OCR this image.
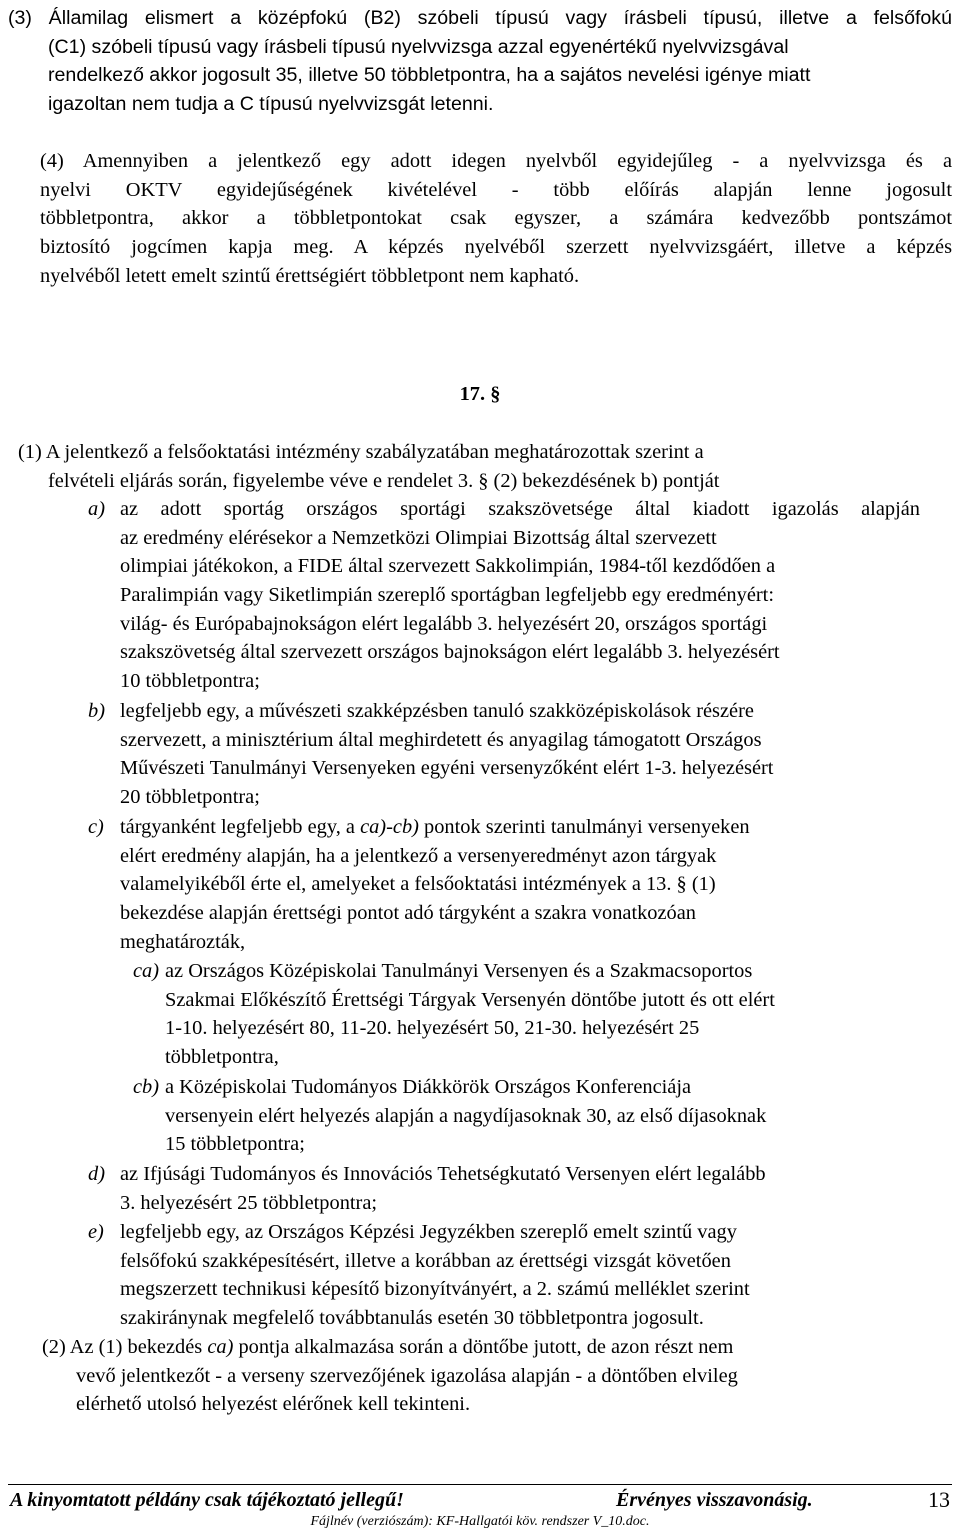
(3) Államilag elismert a középfokú (B2) szóbeli típusú vagy írásbeli típusú, illetve a felsőfokú
(C1) szóbeli típusú vagy írásbeli típusú nyelvvizsga azzal egyenértékű nyelvvizsgával
rendelkező akkor jogosult 35, illetve 50 többletpontra, ha a sajátos nevelési igénye miatt
igazoltan nem tudja a C típusú nyelvvizsgát letenni.
(4) Amennyiben a jelentkező egy adott idegen nyelvből egyidejűleg - a nyelvvizsga és a
nyelvi OKTV egyidejűségének kivételével - több előírás alapján lenne jogosult
többletpontra, akkor a többletpontokat csak egyszer, a számára kedvezőbb pontszámot
biztosító jogcímen kapja meg. A képzés nyelvéből szerzett nyelvvizsgáért, illetve a képzés
nyelvéből letett emelt szintű érettségiért többletpont nem kapható.
17. §
(1) A jelentkező a felsőoktatási intézmény szabályzatában meghatározottak szerint a
felvételi eljárás során, figyelembe véve e rendelet 3. § (2) bekezdésének b) pontját
a) az adott sportág országos sportági szakszövetsége által kiadott igazolás alapján
az eredmény elérésekor a Nemzetközi Olimpiai Bizottság által szervezett
olimpiai játékokon, a FIDE által szervezett Sakkolimpián, 1984-től kezdődően a
Paralimpián vagy Siketlimpián szereplő sportágban legfeljebb egy eredményért:
világ- és Európabajnokságon elért legalább 3. helyezésért 20, országos sportági
szakszövetség által szervezett országos bajnokságon elért legalább 3. helyezésért
10 többletpontra;
b) legfeljebb egy, a művészeti szakképzésben tanuló szakközépiskolások részére
szervezett, a minisztérium által meghirdetett és anyagilag támogatott Országos
Művészeti Tanulmányi Versenyeken egyéni versenyzőként elért 1-3. helyezésért
20 többletpontra;
c) tárgyanként legfeljebb egy, a ca)-cb) pontok szerinti tanulmányi versenyeken
elért eredmény alapján, ha a jelentkező a versenyeredményt azon tárgyak
valamelyikéből érte el, amelyeket a felsőoktatási intézmények a 13. § (1)
bekezdése alapján érettségi pontot adó tárgyként a szakra vonatkozóan
meghatározták,
ca) az Országos Középiskolai Tanulmányi Versenyen és a Szakmacsoportos
Szakmai Előkészítő Érettségi Tárgyak Versenyén döntőbe jutott és ott elért
1-10. helyezésért 80, 11-20. helyezésért 50, 21-30. helyezésért 25
többletpontra,
cb) a Középiskolai Tudományos Diákkörök Országos Konferenciája
versenyein elért helyezés alapján a nagydíjasoknak 30, az első díjasoknak
15 többletpontra;
d) az Ifjúsági Tudományos és Innovációs Tehetségkutató Versenyen elért legalább
3. helyezésért 25 többletpontra;
e) legfeljebb egy, az Országos Képzési Jegyzékben szereplő emelt szintű vagy
felsőfokú szakképesítésért, illetve a korábban az érettségi vizsgát követően
megszerzett technikusi képesítő bizonyítványért, a 2. számú melléklet szerint
szakiránynak megfelelő továbbtanulás esetén 30 többletpontra jogosult.
(2) Az (1) bekezdés ca) pontja alkalmazása során a döntőbe jutott, de azon részt nem
vevő jelentkezőt - a verseny szervezőjének igazolása alapján - a döntőben elvileg
elérhető utolsó helyezést elérőnek kell tekinteni.
A kinyomtatott példány csak tájékoztató jellegű!	Érvényes visszavonásig.	13
Fájlnév (verziószám): KF-Hallgatói köv. rendszer V_10.doc.
